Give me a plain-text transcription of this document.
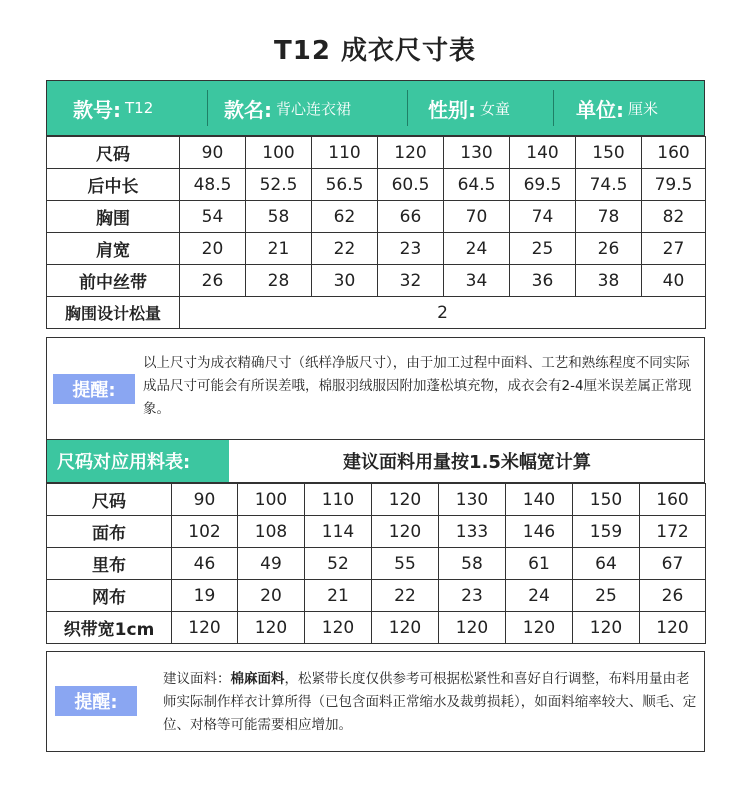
T12 成衣尺寸表
款号: T12	款名: 背心连衣裙	性别: 女童	单位: 厘米
尺码	90	100	110	120	130	140	150	160
后中长	48.5	52.5	56.5	60.5	64.5	69.5	74.5	79.5
胸围	54	58	62	66	70	74	78	82
肩宽	20	21	22	23	24	25	26	27
前中丝带	26	28	30	32	34	36	38	40
胸围设计松量	2							
提醒:
以上尺寸为成衣精确尺寸（纸样净版尺寸），由于加工过程中面料、工艺和熟练程度不同实际成品尺寸可能会有所误差哦，棉服羽绒服因附加蓬松填充物，成衣会有2-4厘米误差属正常现象。
尺码对应用料表:	建议面料用量按1.5米幅宽计算
尺码	90	100	110	120	130	140	150	160
面布	102	108	114	120	133	146	159	172
里布	46	49	52	55	58	61	64	67
网布	19	20	21	22	23	24	25	26
织带宽1cm	120	120	120	120	120	120	120	120
提醒:
建议面料：棉麻面料，松紧带长度仅供参考可根据松紧性和喜好自行调整，布料用量由老师实际制作样衣计算所得（已包含面料正常缩水及裁剪损耗），如面料缩率较大、顺毛、定位、对格等可能需要相应增加。
